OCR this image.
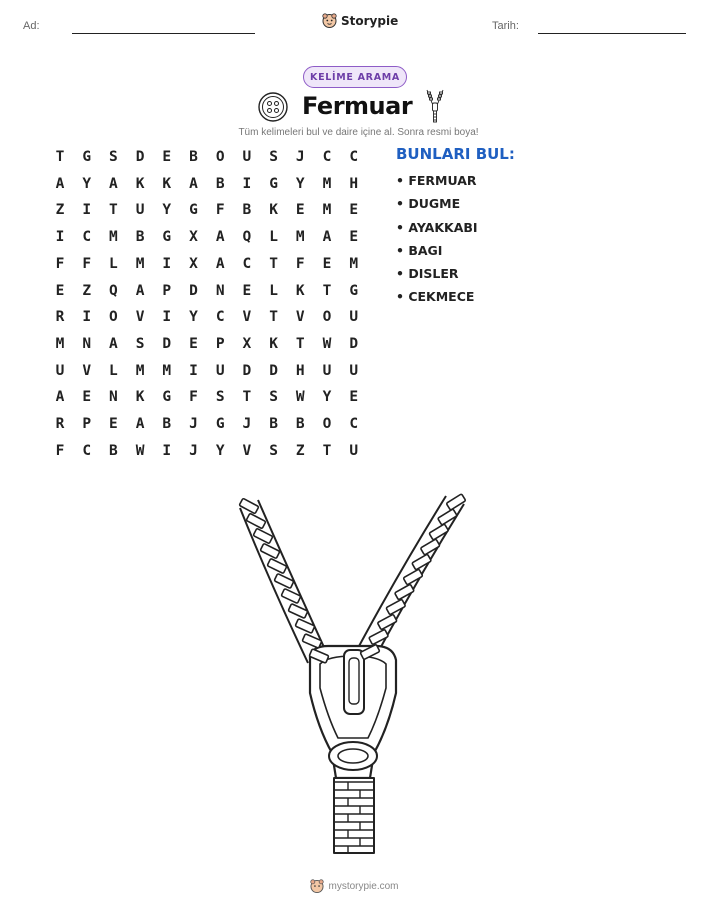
Ad:	Storypie	Tarih:
KELİME ARAMA
Fermuar
Tüm kelimeleri bul ve daire içine al. Sonra resmi boya!
T	G	S	D	E	B	O	U	S	J	C	C
A	Y	A	K	K	A	B	I	G	Y	M	H
Z	I	T	U	Y	G	F	B	K	E	M	E
I	C	M	B	G	X	A	Q	L	M	A	E
F	F	L	M	I	X	A	C	T	F	E	M
E	Z	Q	A	P	D	N	E	L	K	T	G
R	I	O	V	I	Y	C	V	T	V	O	U
M	N	A	S	D	E	P	X	K	T	W	D
U	V	L	M	M	I	U	D	D	H	U	U
A	E	N	K	G	F	S	T	S	W	Y	E
R	P	E	A	B	J	G	J	B	B	O	C
F	C	B	W	I	J	Y	V	S	Z	T	U
BUNLARI BUL:
• FERMUAR
• DUGME
• AYAKKABI
• BAGI
• DISLER
• CEKMECE
mystorypie.com
